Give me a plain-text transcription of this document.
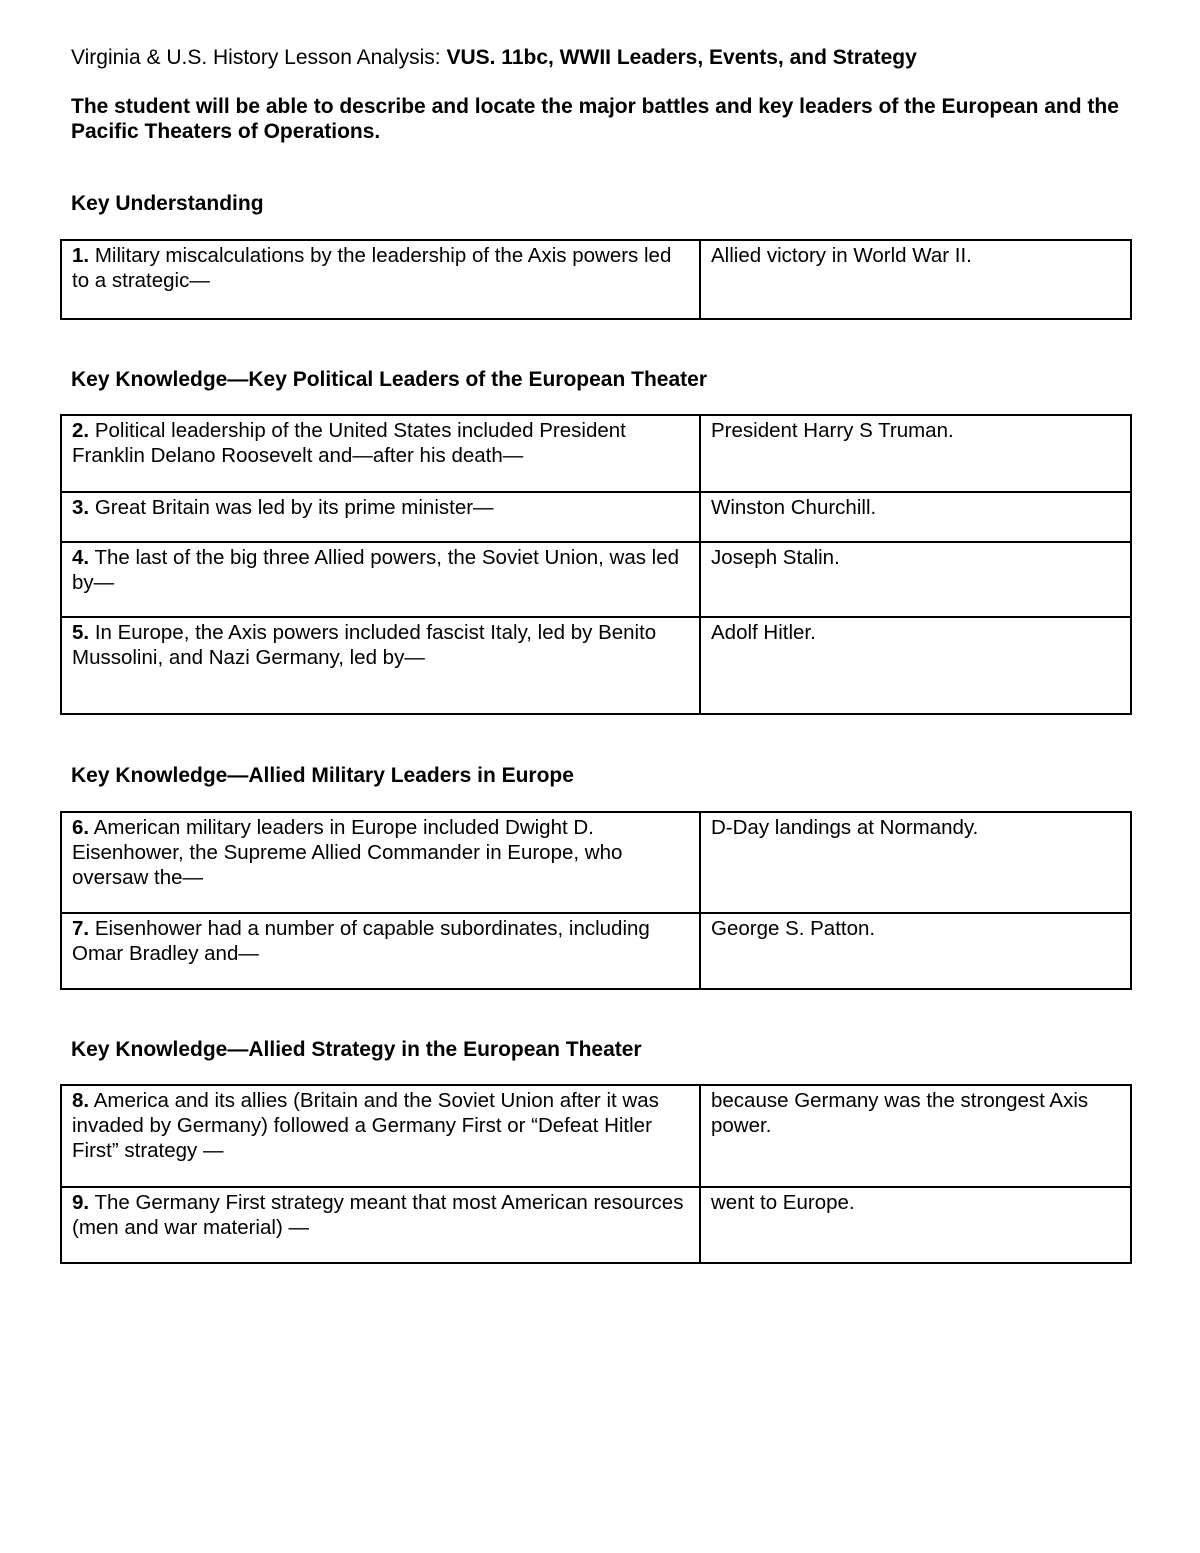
Virginia & U.S. History Lesson Analysis: VUS. 11bc, WWII Leaders, Events, and Strategy
The student will be able to describe and locate the major battles and key leaders of the European and the Pacific Theaters of Operations.
Key Understanding
1. Military miscalculations by the leadership of the Axis powers led to a strategic—	Allied victory in World War II.
Key Knowledge—Key Political Leaders of the European Theater
2. Political leadership of the United States included President Franklin Delano Roosevelt and—after his death—	President Harry S Truman.
3. Great Britain was led by its prime minister—	Winston Churchill.
4. The last of the big three Allied powers, the Soviet Union, was led by—	Joseph Stalin.
5. In Europe, the Axis powers included fascist Italy, led by Benito Mussolini, and Nazi Germany, led by—	Adolf Hitler.
Key Knowledge—Allied Military Leaders in Europe
6. American military leaders in Europe included Dwight D. Eisenhower, the Supreme Allied Commander in Europe, who oversaw the—	D-Day landings at Normandy.
7. Eisenhower had a number of capable subordinates, including Omar Bradley and—	George S. Patton.
Key Knowledge—Allied Strategy in the European Theater
8. America and its allies (Britain and the Soviet Union after it was invaded by Germany) followed a Germany First or “Defeat Hitler First” strategy —	because Germany was the strongest Axis power.
9. The Germany First strategy meant that most American resources (men and war material) —	went to Europe.
